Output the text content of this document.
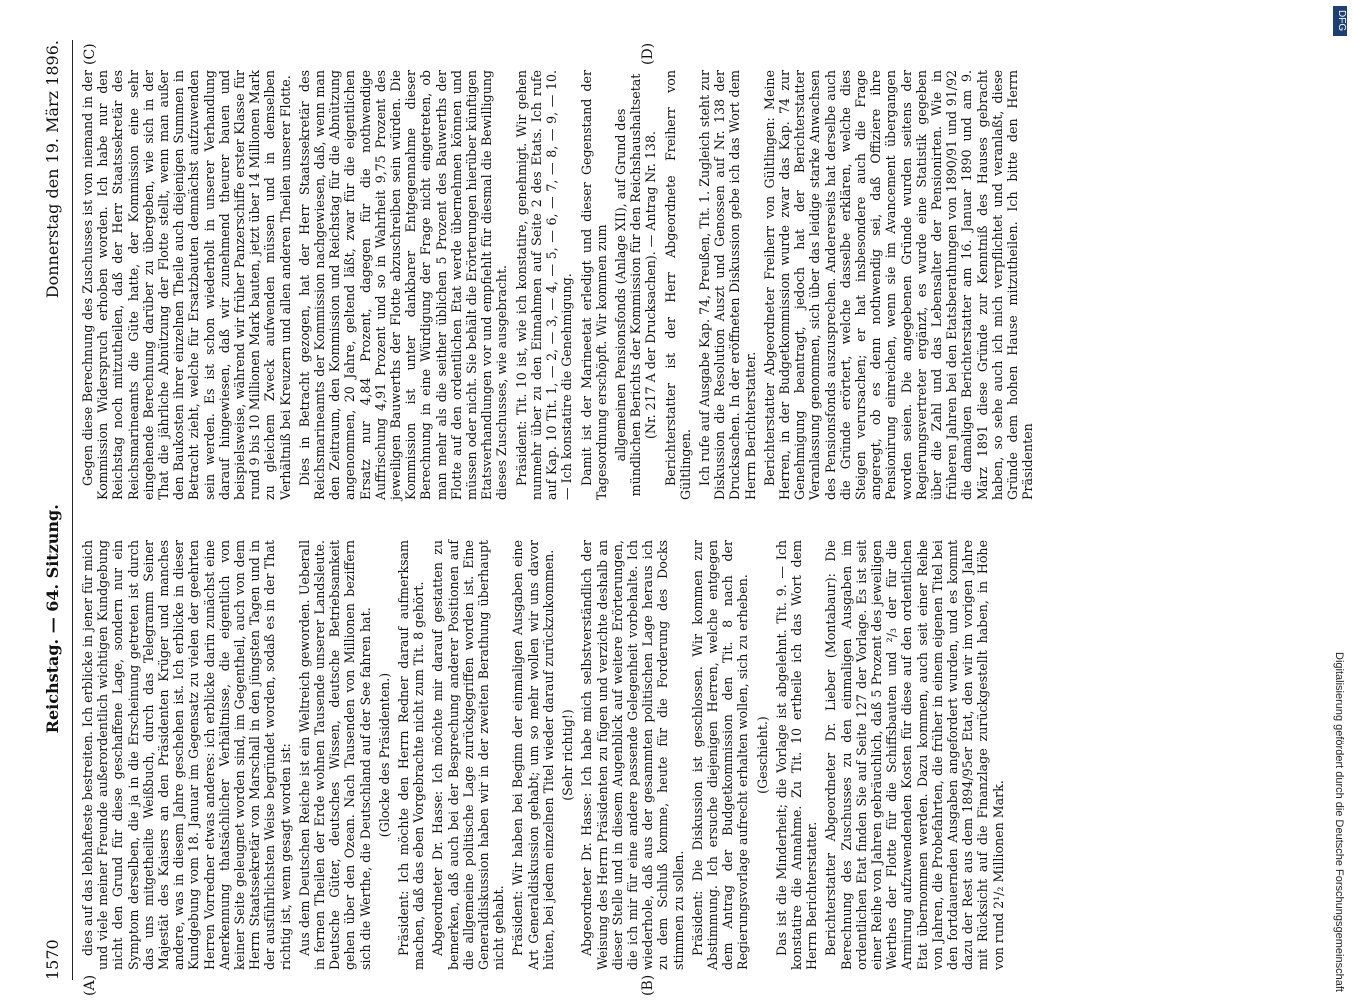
1570
Reichstag. — 64. Sitzung.
Donnerstag den 19. März 1896.
(A)	(B)
(C)	(D)

dies auf das lebhafteste bestreiten. Ich erblicke in jener für mich und viele meiner Freunde außerordentlich wichtigen Kundgebung nicht den Grund für diese geschaffene Lage, sondern nur ein Symptom derselben, die ja in die Erscheinung getreten ist durch das uns mitgetheilte Weißbuch, durch das Telegramm Seiner Majestät des Kaisers an den Präsidenten Krüger und manches andere, was in diesem Jahre geschehen ist. Ich erblicke in dieser Kundgebung vom 18. Januar im Gegensatz zu vielen der geehrten Herren Vorredner etwas anderes: ich erblicke darin zunächst eine Anerkennung thatsächlicher Verhältnisse, die eigentlich von keiner Seite geleugnet worden sind, im Gegentheil, auch von dem Herrn Staatssekretär von Marschall in den jüngsten Tagen und in der ausführlichsten Weise begründet worden, sodaß es in der That richtig ist, wenn gesagt worden ist: Aus dem Deutschen Reiche ist ein Weltreich geworden. Ueberall in fernen Theilen der Erde wohnen Tausende unserer Landsleute. Deutsche Güter, deutsches Wissen, deutsche Betriebsamkeit gehen über den Ozean. Nach Tausenden von Millionen beziffern sich die Werthe, die Deutschland auf der See fahren hat. (Glocke des Präsidenten.) Präsident: Ich möchte den Herrn Redner darauf aufmerksam machen, daß das eben Vorgebrachte nicht zum Tit. 8 gehört. Abgeordneter Dr. Hasse: Ich möchte mir darauf gestatten zu bemerken, daß auch bei der Besprechung anderer Positionen auf die allgemeine politische Lage zurückgegriffen worden ist. Eine Generaldiskussion haben wir in der zweiten Berathung überhaupt nicht gehabt. Präsident: Wir haben bei Beginn der einmaligen Ausgaben eine Art Generaldiskussion gehabt; um so mehr wollen wir uns davor hüten, bei jedem einzelnen Titel wieder darauf zurückzukommen. (Sehr richtig!) Abgeordneter Dr. Hasse: Ich habe mich selbstverständlich der Weisung des Herrn Präsidenten zu fügen und verzichte deshalb an dieser Stelle und in diesem Augenblick auf weitere Erörterungen, die ich mir für eine andere passende Gelegenheit vorbehalte. Ich wiederhole, daß aus der gesammten politischen Lage heraus ich zu dem Schluß komme, heute für die Forderung des Docks stimmen zu sollen. Präsident: Die Diskussion ist geschlossen. Wir kommen zur Abstimmung. Ich ersuche diejenigen Herren, welche entgegen dem Antrag der Budgetkommission den Tit. 8 nach der Regierungsvorlage aufrecht erhalten wollen, sich zu erheben. (Geschieht.) Das ist die Minderheit; die Vorlage ist abgelehnt. Tit. 9. — Ich konstatire die Annahme. Zu Tit. 10 ertheile ich das Wort dem Herrn Berichterstatter. Berichterstatter Abgeordneter Dr. Lieber (Montabaur): Die Berechnung des Zuschusses zu den einmaligen Ausgaben im ordentlichen Etat finden Sie auf Seite 127 der Vorlage. Es ist seit einer Reihe von Jahren gebräuchlich, daß 5 Prozent des jeweiligen Werthes der Flotte für die Schiffsbauten und ²/₃ der für die Armirung aufzuwendenden Kosten für diese auf den ordentlichen Etat übernommen werden. Dazu kommen, auch seit einer Reihe von Jahren, die Probefahrten, die früher in einem eigenen Titel bei den fortdauernden Ausgaben angefordert wurden, und es kommt dazu der Rest aus dem 1894/95er Etat, den wir im vorigen Jahre mit Rücksicht auf die Finanzlage zurückgestellt haben, in Höhe von rund 2¹/₂ Millionen Mark.

Gegen diese Berechnung des Zuschusses ist von niemand in der Kommission Widerspruch erhoben worden. Ich habe nur den Reichstag noch mitzutheilen, daß der Herr Staatssekretär des Reichsmarineamts die Güte hatte, der Kommission eine sehr eingehende Berechnung darüber zu übergeben, wie sich in der That die jährliche Abnützung der Flotte stellt, wenn man außer den Baukosten ihrer einzelnen Theile auch diejenigen Summen in Betracht zieht, welche für Ersatzbauten demnächst aufzuwenden sein werden. Es ist schon wiederholt in unserer Verhandlung darauf hingewiesen, daß wir zunehmend theurer bauen und beispielsweise, während wir früher Panzerschiffe erster Klasse für rund 9 bis 10 Millionen Mark bauten, jetzt über 14 Millionen Mark zu gleichem Zweck aufwenden müssen und in demselben Verhältniß bei Kreuzern und allen anderen Theilen unserer Flotte. Dies in Betracht gezogen, hat der Herr Staatssekretär des Reichsmarineamts der Kommission nachgewiesen, daß, wenn man den Zeitraum, den Kommission und Reichstag für die Abnützung angenommen, 20 Jahre, geltend läßt, zwar für die eigentlichen Ersatz nur 4,84 Prozent, dagegen für die nothwendige Auffrischung 4,91 Prozent und so in Wahrheit 9,75 Prozent des jeweiligen Bauwerths der Flotte abzuschreiben sein würden. Die Kommission ist unter dankbarer Entgegennahme dieser Berechnung in eine Würdigung der Frage nicht eingetreten, ob man mehr als die seither üblichen 5 Prozent des Bauwerths der Flotte auf den ordentlichen Etat werde übernehmen können und müssen oder nicht. Sie behält die Erörterungen hierüber künftigen Etatsverhandlungen vor und empfiehlt für diesmal die Bewilligung dieses Zuschusses, wie ausgebracht. Präsident: Tit. 10 ist, wie ich konstatire, genehmigt. Wir gehen nunmehr über zu den Einnahmen auf Seite 2 des Etats. Ich rufe auf Kap. 10 Tit. 1, — 2, — 3, — 4, — 5, — 6, — 7, — 8, — 9, — 10. — Ich konstatire die Genehmigung. Damit ist der Marineetat erledigt und dieser Gegenstand der Tagesordnung erschöpft. Wir kommen zum allgemeinen Pensionsfonds (Anlage XII), auf Grund des mündlichen Berichts der Kommission für den Reichshaushaltsetat (Nr. 217 A der Drucksachen). — Antrag Nr. 138. Berichterstatter ist der Herr Abgeordnete Freiherr von Gültlingen. Ich rufe auf Ausgabe Kap. 74, Preußen, Tit. 1. Zugleich steht zur Diskussion die Resolution Auszt und Genossen auf Nr. 138 der Drucksachen. In der eröffneten Diskussion gebe ich das Wort dem Herrn Berichterstatter. Berichterstatter Abgeordneter Freiherr von Gültlingen: Meine Herren, in der Budgetkommission wurde zwar das Kap. 74 zur Genehmigung beantragt, jedoch hat der Berichterstatter Veranlassung genommen, sich über das leidige starke Anwachsen des Pensionsfonds auszusprechen. Andererseits hat derselbe auch die Gründe erörtert, welche dasselbe erklären, welche dies Steigen verursachen; er hat insbesondere auch die Frage angeregt, ob es denn nothwendig sei, daß Offiziere ihre Pensionirung einreichen, wenn sie im Avancement übergangen worden seien. Die angegebenen Gründe wurden seitens der Regierungsvertreter ergänzt, es wurde eine Statistik gegeben über die Zahl und das Lebensalter der Pensionirten. Wie in früheren Jahren bei den Etatsberathungen von 1890/91 und 91/92 die damaligen Berichterstatter am 16. Januar 1890 und am 9. März 1891 diese Gründe zur Kenntniß des Hauses gebracht haben, so sehe auch ich mich verpflichtet und veranlaßt, diese Gründe dem hohen Hause mitzutheilen. Ich bitte den Herrn Präsidenten

DFG
Digitalisierung gefördert durch die Deutsche Forschungsgemeinschaft
